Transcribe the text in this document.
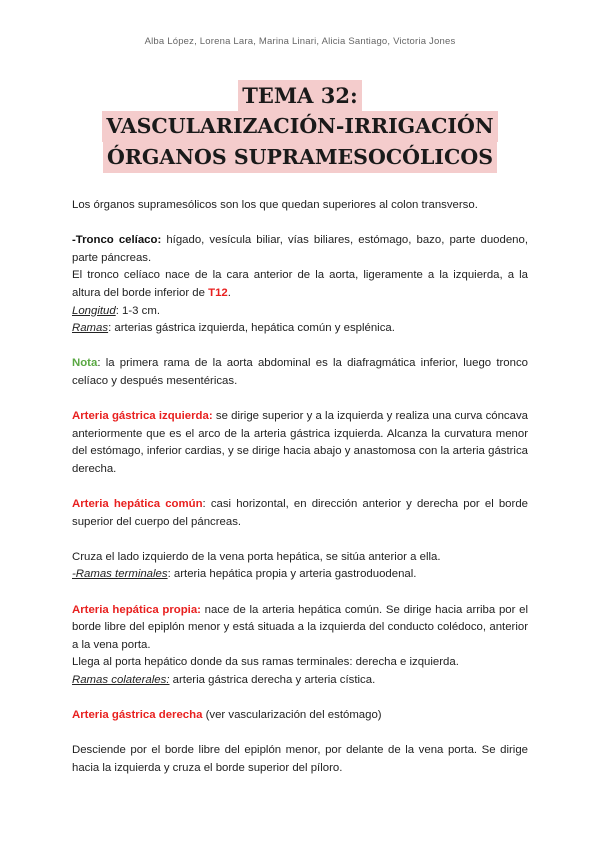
Alba López, Lorena Lara, Marina Linari, Alicia Santiago, Victoria Jones
TEMA 32:
VASCULARIZACIÓN-IRRIGACIÓN
ÓRGANOS SUPRAMESOCÓLICOS

Los órganos supramesólicos son los que quedan superiores al colon transverso.

-Tronco celíaco: hígado, vesícula biliar, vías biliares, estómago, bazo, parte duodeno, parte páncreas.

El tronco celíaco nace de la cara anterior de la aorta, ligeramente a la izquierda, a la altura del borde inferior de T12.

Longitud: 1-3 cm.

Ramas: arterias gástrica izquierda, hepática común y esplénica.

Nota: la primera rama de la aorta abdominal es la diafragmática inferior, luego tronco celíaco y después mesentéricas.

Arteria gástrica izquierda: se dirige superior y a la izquierda y realiza una curva cóncava anteriormente que es el arco de la arteria gástrica izquierda. Alcanza la curvatura menor del estómago, inferior cardias, y se dirige hacia abajo y anastomosa con la arteria gástrica derecha.

Arteria hepática común: casi horizontal, en dirección anterior y derecha por el borde superior del cuerpo del páncreas.

Cruza el lado izquierdo de la vena porta hepática, se sitúa anterior a ella.

-Ramas terminales: arteria hepática propia y arteria gastroduodenal.

Arteria hepática propia: nace de la arteria hepática común. Se dirige hacia arriba por el borde libre del epiplón menor y está situada a la izquierda del conducto colédoco, anterior a la vena porta.

Llega al porta hepático donde da sus ramas terminales: derecha e izquierda.

Ramas colaterales: arteria gástrica derecha y arteria cística.

Arteria gástrica derecha (ver vascularización del estómago)

Desciende por el borde libre del epiplón menor, por delante de la vena porta. Se dirige hacia la izquierda y cruza el borde superior del píloro.
